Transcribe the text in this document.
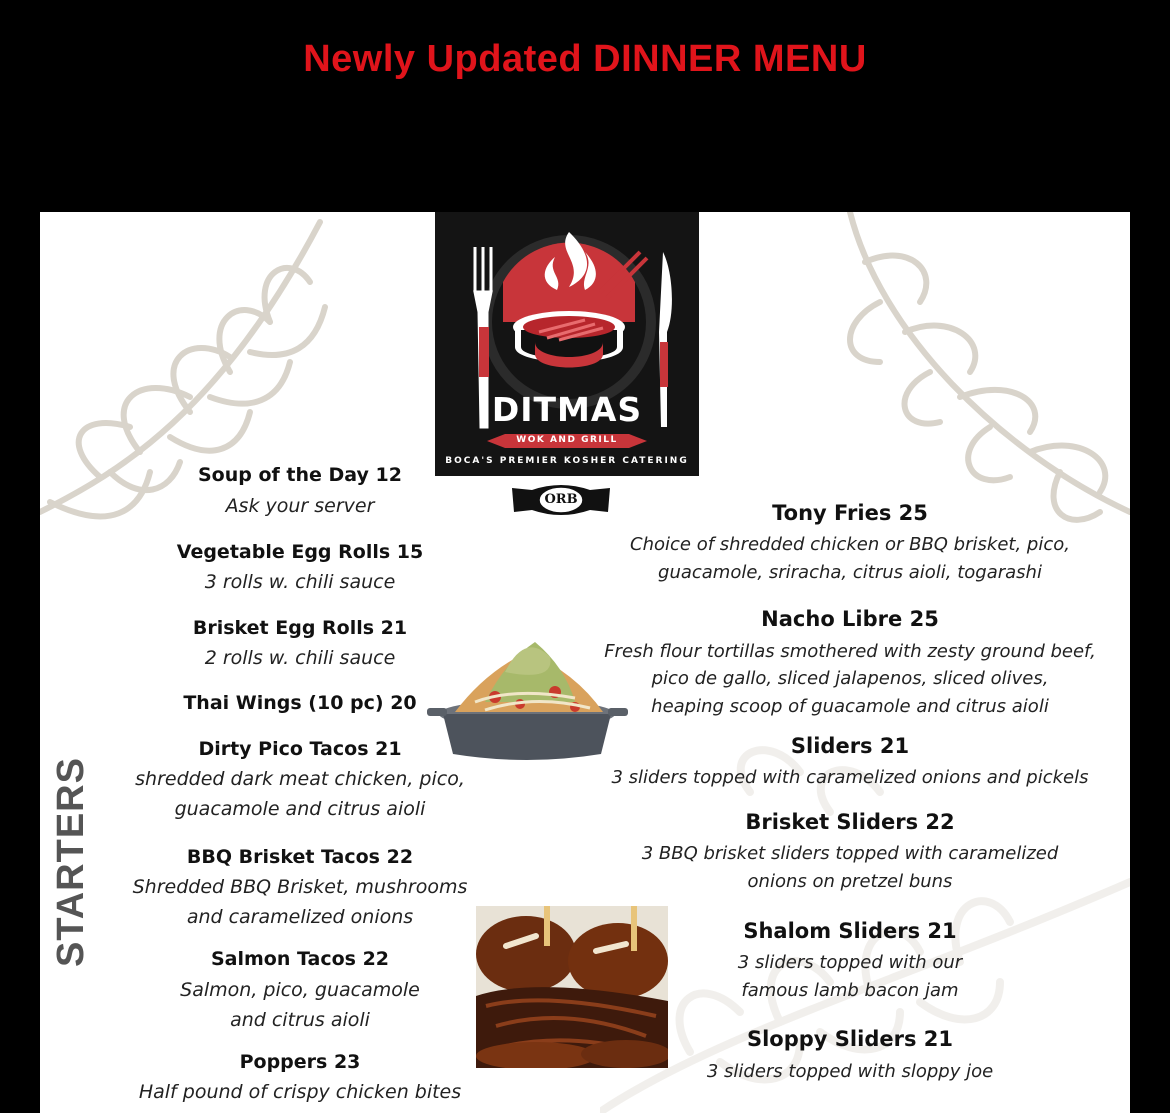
Newly Updated DINNER MENU
DITMAS
WOK AND GRILL
BOCA'S PREMIER KOSHER CATERING
ORB
STARTERS
Soup of the Day 12
Ask your server
Vegetable Egg Rolls 15
3 rolls w. chili sauce
Brisket Egg Rolls 21
2 rolls w. chili sauce
Thai Wings (10 pc) 20
Dirty Pico Tacos 21
shredded dark meat chicken, pico,
guacamole and citrus aioli
BBQ Brisket Tacos 22
Shredded BBQ Brisket, mushrooms
and caramelized onions
Salmon Tacos 22
Salmon, pico, guacamole
and citrus aioli
Poppers 23
Half pound of crispy chicken bites
Tony Fries 25
Choice of shredded chicken or BBQ brisket, pico,
guacamole, sriracha, citrus aioli, togarashi
Nacho Libre 25
Fresh flour tortillas smothered with zesty ground beef,
pico de gallo, sliced jalapenos, sliced olives,
heaping scoop of guacamole and citrus aioli
Sliders 21
3 sliders topped with caramelized onions and pickels
Brisket Sliders 22
3 BBQ brisket sliders topped with caramelized
onions on pretzel buns
Shalom Sliders 21
3 sliders topped with our
famous lamb bacon jam
Sloppy Sliders 21
3 sliders topped with sloppy joe
